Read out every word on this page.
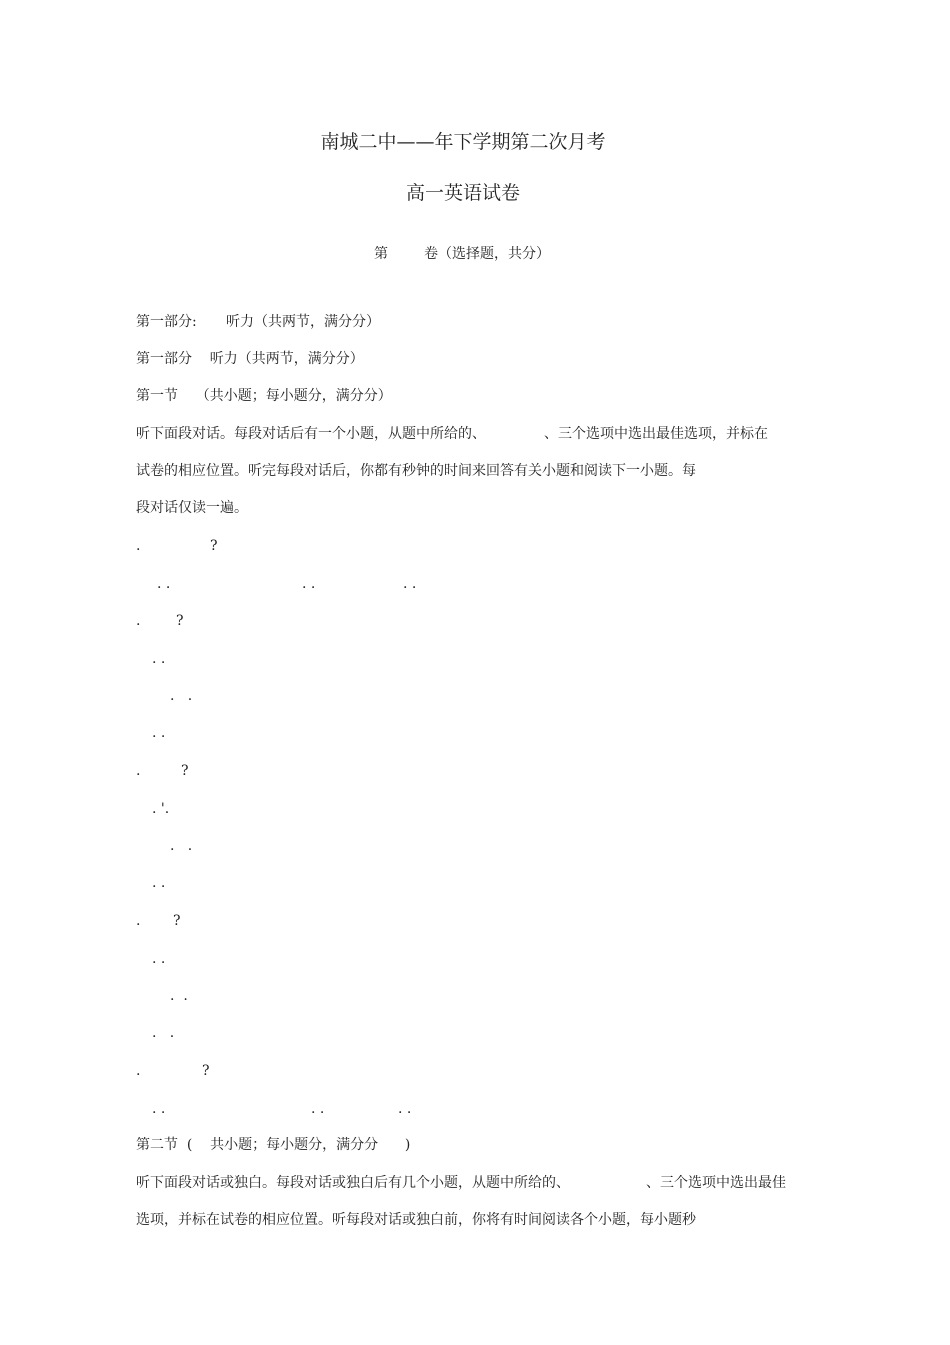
南城二中——年下学期第二次月考
高一英语试卷
第	卷（选择题，共分）
第一部分: 听力（共两节，满分分）
第一部分    听力（共两节，满分分）
第一节    （共小题；每小题分，满分分）
听下面段对话。每段对话后有一个小题，从题中所给的、	、三个选项中选出最佳选项，并标在
试卷的相应位置。听完每段对话后，你都有秒钟的时间来回答有关小题和阅读下一小题。每
段对话仅读一遍。
.	?
. .	. .	. .
.	?
. .
.   .
. .
.	?
. '.
.   .
. .
. ?
. .
.  .
.   .
.	?
. .	. .	. .
第二节  (    共小题；每小题分，满分分      )
听下面段对话或独白。每段对话或独白后有几个小题，从题中所给的、	、三个选项中选出最佳
选项，并标在试卷的相应位置。听每段对话或独白前，你将有时间阅读各个小题，每小题秒
